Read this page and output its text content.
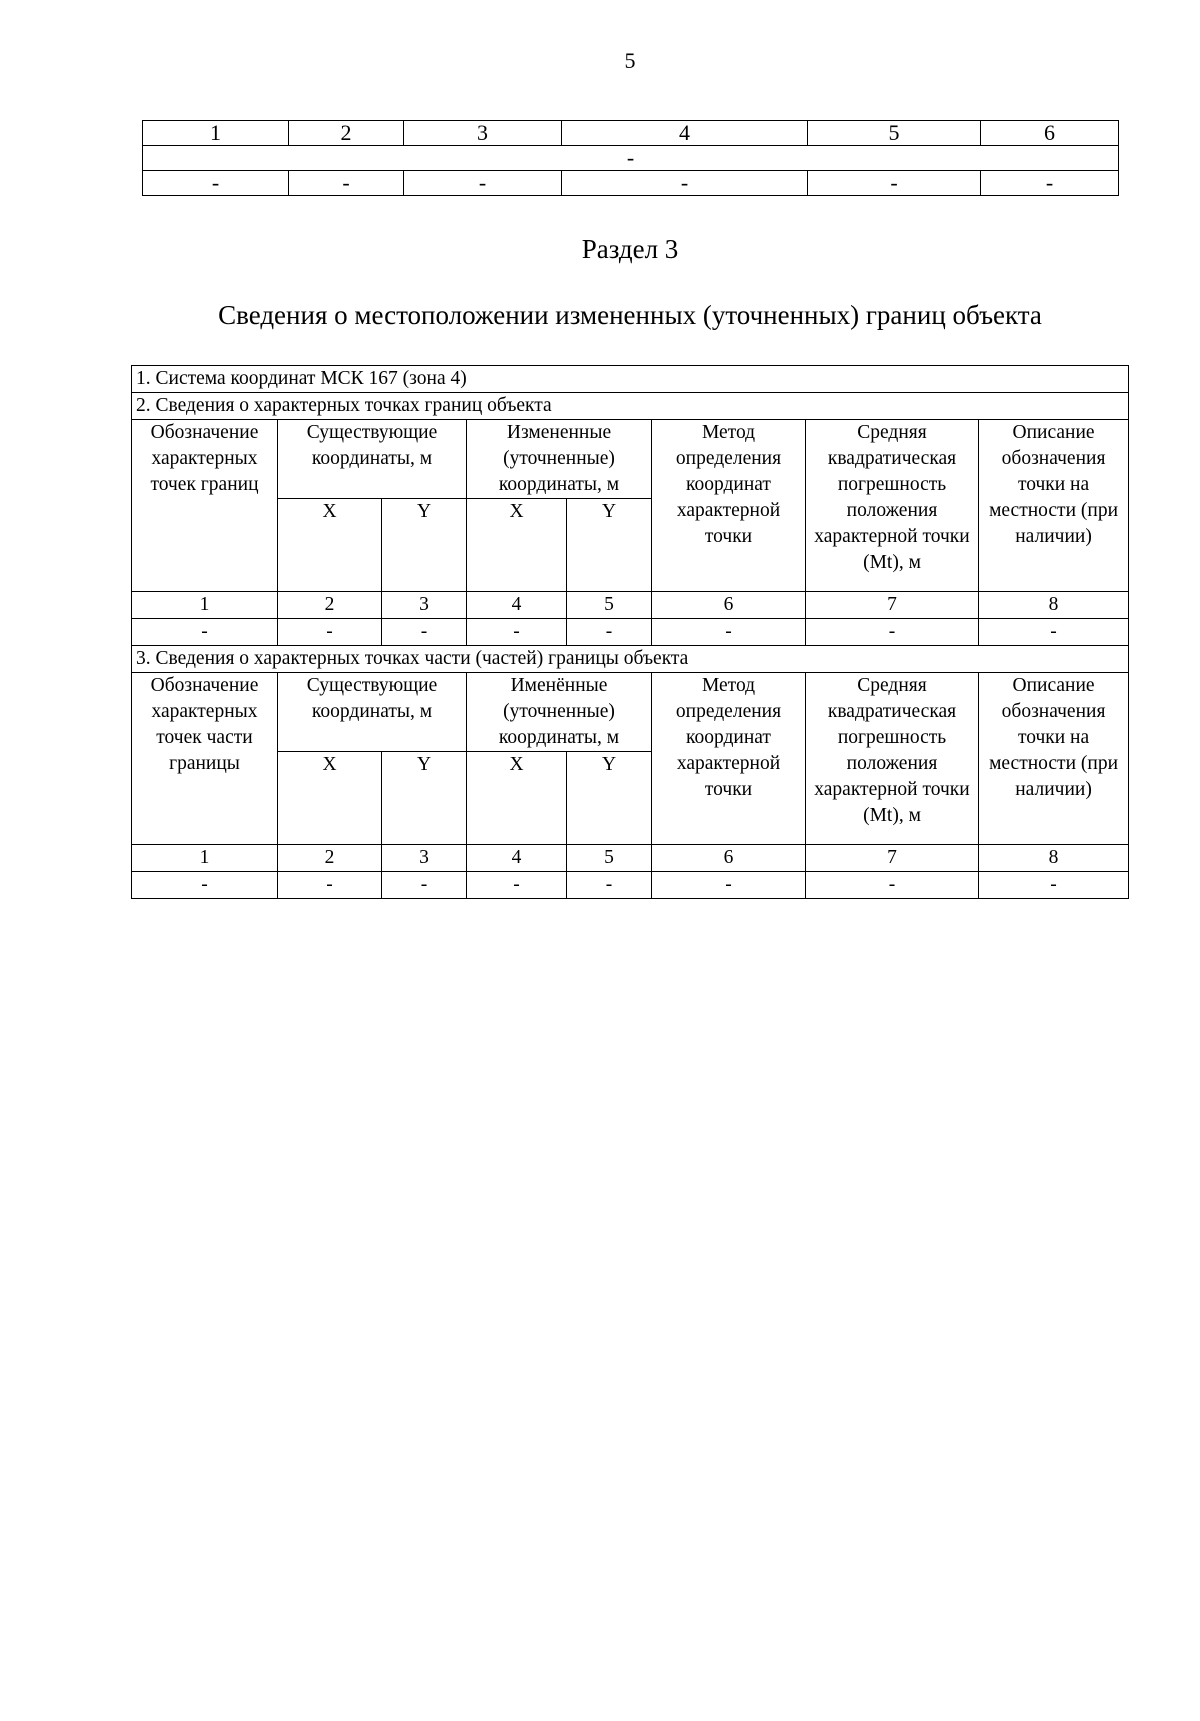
5
1	2	3	4	5	6
-					
-	-	-	-	-	-
Раздел 3
Сведения о местоположении измененных (уточненных) границ объекта
1. Система координат МСК 167 (зона 4)							
2. Сведения о характерных точках границ объекта							
Обозначение характерных точек границ	Существующие координаты, м		Измененные (уточненные) координаты, м		Метод определения координат характерной точки	Средняя квадратическая погрешность положения характерной точки (Mt), м	Описание обозначения точки на местности (при наличии)
	X	Y	X	Y			
1	2	3	4	5	6	7	8
-	-	-	-	-	-	-	-
3. Сведения о характерных точках части (частей) границы объекта							
Обозначение характерных точек части границы	Существующие координаты, м		Именённые (уточненные) координаты, м		Метод определения координат характерной точки	Средняя квадратическая погрешность положения характерной точки (Mt), м	Описание обозначения точки на местности (при наличии)
	X	Y	X	Y			
1	2	3	4	5	6	7	8
-	-	-	-	-	-	-	-
